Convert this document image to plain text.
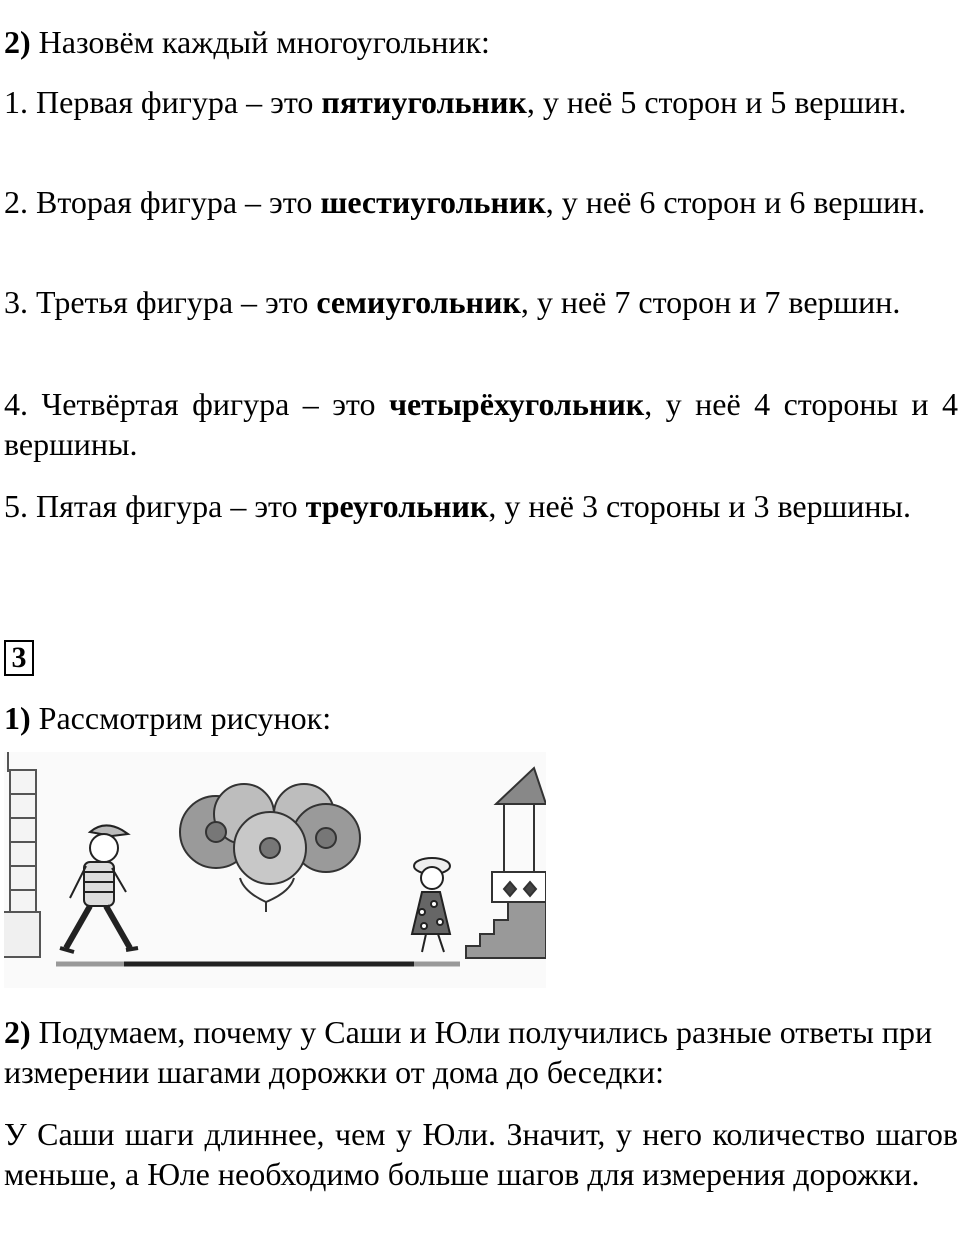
2) Назовём каждый многоугольник:

1. Первая фигура – это пятиугольник, у неё 5 сторон и 5 вершин.

2. Вторая фигура – это шестиугольник, у неё 6 сторон и 6 вершин.

3. Третья фигура – это семиугольник, у неё 7 сторон и 7 вершин.

4. Четвёртая фигура – это четырёхугольник, у неё 4 стороны и 4 вершины.

5. Пятая фигура – это треугольник, у неё 3 стороны и 3 вершины.

3

1) Рассмотрим рисунок:

2) Подумаем, почему у Саши и Юли получились разные ответы при измерении шагами дорожки от дома до беседки:

У Саши шаги длиннее, чем у Юли. Значит, у него количество шагов меньше, а Юле необходимо больше шагов для измерения дорожки.
